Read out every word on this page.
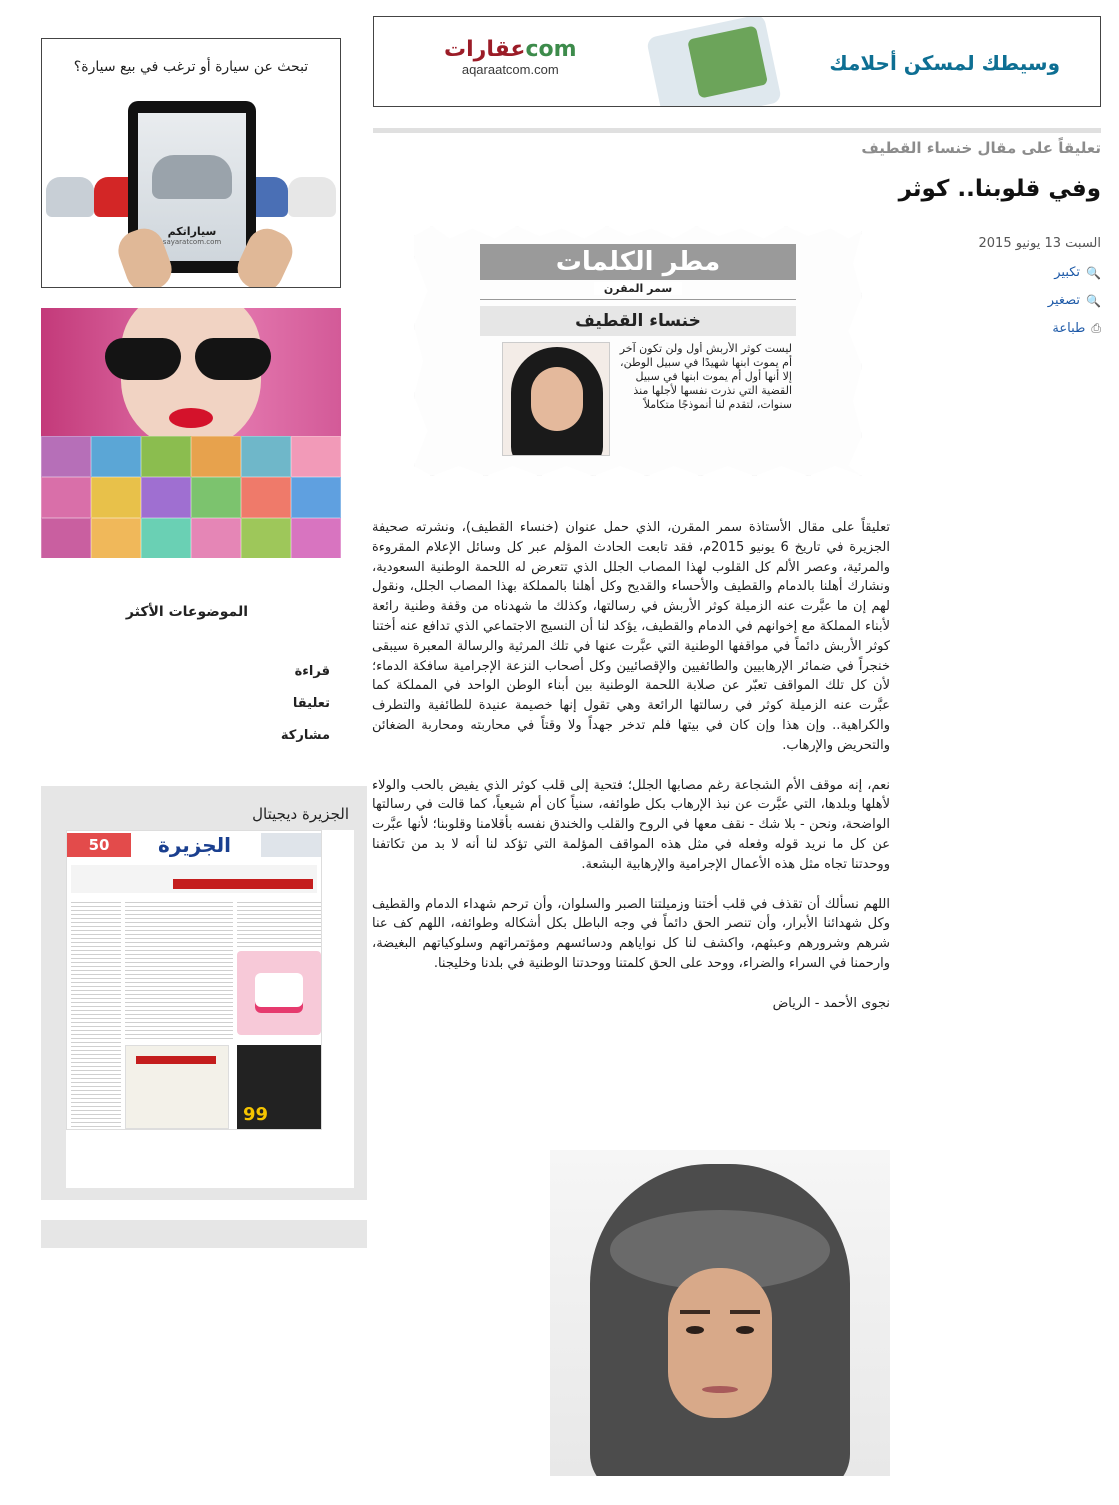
تبحث عن سيارة أو ترغب في بيع سيارة؟
سياراتكم
sayaratcom.com
الموضوعات الأكثر
قراءة
تعليقا
مشاركة
الجزيرة ديجيتال
الجزيرة
50
99
وسيطك لمسكن أحلامك
comعقارات
aqaraatcom.com
تعليقاً على مقال خنساء القطيف
وفي قلوبنا.. كوثر
السبت 13 يونيو 2015
🔍
تكبير
🔍
تصغير
⎙
طباعة
مطر الكلمات
سمر المقرن
خنساء القطيف
ليست كوثر الأربش أول ولن تكون آخر أم يموت ابنها شهيدًا في سبيل الوطن، إلا أنها أول أم يموت ابنها في سبيل القضية التي نذرت نفسها لأجلها منذ سنوات، لتقدم لنا أنموذجًا متكاملاً

تعليقاً على مقال الأستاذة سمر المقرن، الذي حمل عنوان (خنساء القطيف)، ونشرته صحيفة الجزيرة في تاريخ 6 يونيو 2015م، فقد تابعت الحادث المؤلم عبر كل وسائل الإعلام المقروءة والمرئية، وعصر الألم كل القلوب لهذا المصاب الجلل الذي تتعرض له اللحمة الوطنية السعودية، ونشارك أهلنا بالدمام والقطيف والأحساء والقديح وكل أهلنا بالمملكة بهذا المصاب الجلل، ونقول لهم إن ما عبَّرت عنه الزميلة كوثر الأربش في رسالتها، وكذلك ما شهدناه من وقفة وطنية رائعة لأبناء المملكة مع إخوانهم في الدمام والقطيف، يؤكد لنا أن النسيج الاجتماعي الذي تدافع عنه أختنا كوثر الأربش دائماً في مواقفها الوطنية التي عبَّرت عنها في تلك المرثية والرسالة المعبرة سيبقى خنجراً في ضمائر الإرهابيين والطائفيين والإقصائيين وكل أصحاب النزعة الإجرامية سافكة الدماء؛ لأن كل تلك المواقف تعبّر عن صلابة اللحمة الوطنية بين أبناء الوطن الواحد في المملكة كما عبَّرت عنه الزميلة كوثر في رسالتها الرائعة وهي تقول إنها خصيمة عنيدة للطائفية والتطرف والكراهية.. وإن هذا وإن كان في بيتها فلم تدخر جهداً ولا وقتاً في محاربته ومحاربة الضغائن والتحريض والإرهاب.

نعم، إنه موقف الأم الشجاعة رغم مصابها الجلل؛ فتحية إلى قلب كوثر الذي يفيض بالحب والولاء لأهلها وبلدها، التي عبَّرت عن نبذ الإرهاب بكل طوائفه، سنياً كان أم شيعياً، كما قالت في رسالتها الواضحة، ونحن - بلا شك - نقف معها في الروح والقلب والخندق نفسه بأقلامنا وقلوبنا؛ لأنها عبَّرت عن كل ما نريد قوله وفعله في مثل هذه المواقف المؤلمة التي تؤكد لنا أنه لا بد من تكاتفنا ووحدتنا تجاه مثل هذه الأعمال الإجرامية والإرهابية البشعة.

اللهم نسألك أن تقذف في قلب أختنا وزميلتنا الصبر والسلوان، وأن ترحم شهداء الدمام والقطيف وكل شهدائنا الأبرار، وأن تنصر الحق دائماً في وجه الباطل بكل أشكاله وطوائفه، اللهم كف عنا شرهم وشرورهم وعبثهم، واكشف لنا كل نواياهم ودسائسهم ومؤتمراتهم وسلوكياتهم البغيضة، وارحمنا في السراء والضراء، ووحد على الحق كلمتنا ووحدتنا الوطنية في بلدنا وخليجنا.

نجوى الأحمد - الرياض
